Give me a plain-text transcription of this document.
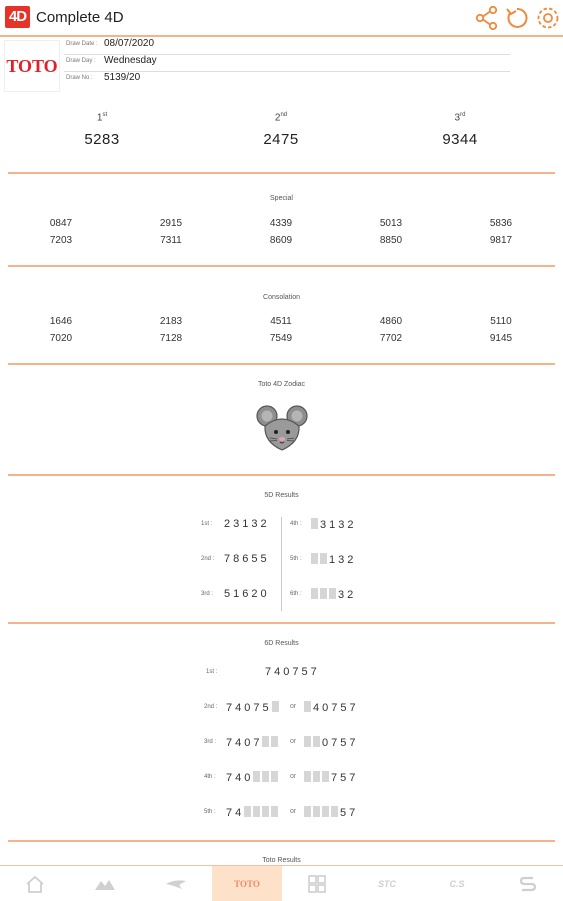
4D Complete 4D
TOTO
Draw Date : 08/07/2020
Draw Day : Wednesday
Draw No : 5139/20
1st
5283
2nd
2475
3rd
9344
Special
0847	2915	4339	5013	5836
7203	7311	8609	8850	9817
Consolation
1646	2183	4511	4860	5110
7020	7128	7549	7702	9145
Toto 4D Zodiac
5D Results
1st : 23132
2nd : 78655
3rd : 51620
4th :	3132
5th :	132
6th :	32
6D Results
1st :	740757
2nd : 74075	or	40757
3rd : 7407	or	0757
4th : 740	or	757
5th : 74	or	57
Toto Results
TOTO	STC	C.S
